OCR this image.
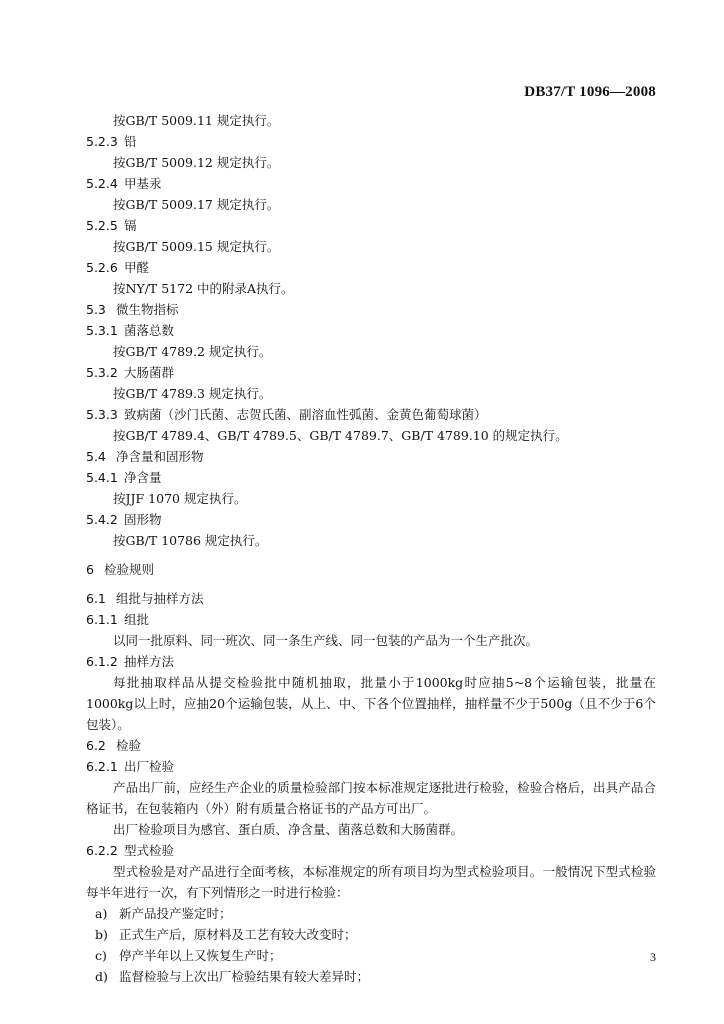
DB37/T 1096—2008
按GB/T 5009.11 规定执行。
5.2.3 铅
按GB/T 5009.12 规定执行。
5.2.4 甲基汞
按GB/T 5009.17 规定执行。
5.2.5 镉
按GB/T 5009.15 规定执行。
5.2.6 甲醛
按NY/T 5172 中的附录A执行。
5.3 微生物指标
5.3.1 菌落总数
按GB/T 4789.2 规定执行。
5.3.2 大肠菌群
按GB/T 4789.3 规定执行。
5.3.3 致病菌（沙门氏菌、志贺氏菌、副溶血性弧菌、金黄色葡萄球菌）
按GB/T 4789.4、GB/T 4789.5、GB/T 4789.7、GB/T 4789.10 的规定执行。
5.4 净含量和固形物
5.4.1 净含量
按JJF 1070 规定执行。
5.4.2 固形物
按GB/T 10786 规定执行。
6 检验规则
6.1 组批与抽样方法
6.1.1 组批
以同一批原料、同一班次、同一条生产线、同一包装的产品为一个生产批次。
6.1.2 抽样方法
每批抽取样品从提交检验批中随机抽取，批量小于1000kg时应抽5~8个运输包装，批量在1000kg以上时，应抽20个运输包装，从上、中、下各个位置抽样，抽样量不少于500g（且不少于6个包装）。
6.2 检验
6.2.1 出厂检验
产品出厂前，应经生产企业的质量检验部门按本标准规定逐批进行检验，检验合格后，出具产品合格证书，在包装箱内（外）附有质量合格证书的产品方可出厂。
出厂检验项目为感官、蛋白质、净含量、菌落总数和大肠菌群。
6.2.2 型式检验
型式检验是对产品进行全面考核，本标准规定的所有项目均为型式检验项目。一般情况下型式检验每半年进行一次，有下列情形之一时进行检验：
a) 新产品投产鉴定时；
b) 正式生产后，原材料及工艺有较大改变时；
c) 停产半年以上又恢复生产时；
d) 监督检验与上次出厂检验结果有较大差异时；
3
